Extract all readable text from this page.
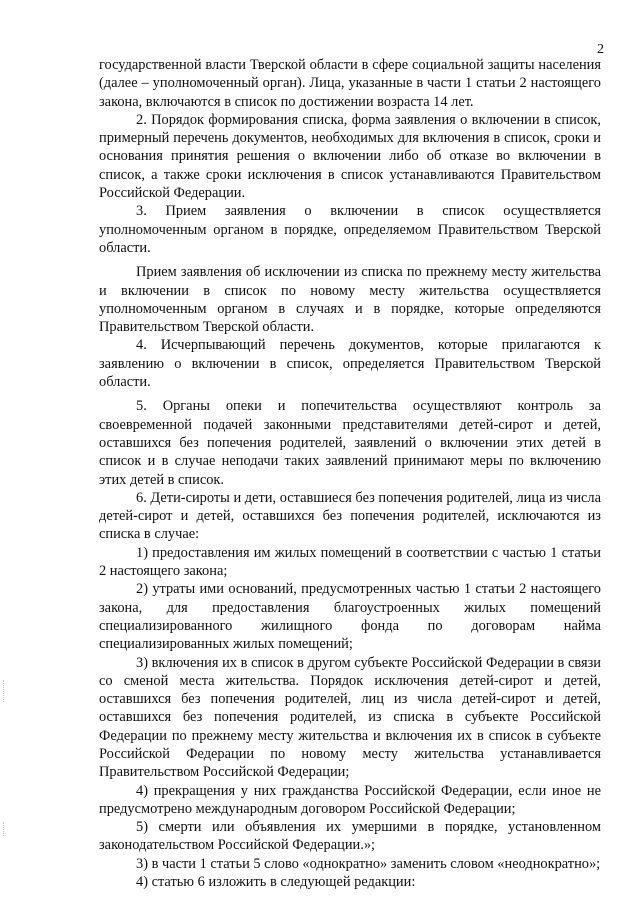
2

государственной власти Тверской области в сфере социальной защиты населения (далее – уполномоченный орган). Лица, указанные в части 1 статьи 2 настоящего закона, включаются в список по достижении возраста 14 лет.

2. Порядок формирования списка, форма заявления о включении в список, примерный перечень документов, необходимых для включения в список, сроки и основания принятия решения о включении либо об отказе во включении в список, а также сроки исключения в список устанавливаются Правительством Российской Федерации.

3. Прием заявления о включении в список осуществляется уполномоченным органом в порядке, определяемом Правительством Тверской области.

Прием заявления об исключении из списка по прежнему месту жительства и включении в список по новому месту жительства осуществляется уполномоченным органом в случаях и в порядке, которые определяются Правительством Тверской области.

4. Исчерпывающий перечень документов, которые прилагаются к заявлению о включении в список, определяется Правительством Тверской области.

5. Органы опеки и попечительства осуществляют контроль за своевременной подачей законными представителями детей-сирот и детей, оставшихся без попечения родителей, заявлений о включении этих детей в список и в случае неподачи таких заявлений принимают меры по включению этих детей в список.

6. Дети-сироты и дети, оставшиеся без попечения родителей, лица из числа детей-сирот и детей, оставшихся без попечения родителей, исключаются из списка в случае:

1) предоставления им жилых помещений в соответствии с частью 1 статьи 2 настоящего закона;

2) утраты ими оснований, предусмотренных частью 1 статьи 2 настоящего закона, для предоставления благоустроенных жилых помещений специализированного жилищного фонда по договорам найма специализированных жилых помещений;

3) включения их в список в другом субъекте Российской Федерации в связи со сменой места жительства. Порядок исключения детей-сирот и детей, оставшихся без попечения родителей, лиц из числа детей-сирот и детей, оставшихся без попечения родителей, из списка в субъекте Российской Федерации по прежнему месту жительства и включения их в список в субъекте Российской Федерации по новому месту жительства устанавливается Правительством Российской Федерации;

4) прекращения у них гражданства Российской Федерации, если иное не предусмотрено международным договором Российской Федерации;

5) смерти или объявления их умершими в порядке, установленном законодательством Российской Федерации.»;

3) в части 1 статьи 5 слово «однократно» заменить словом «неоднократно»;

4) статью 6 изложить в следующей редакции:
